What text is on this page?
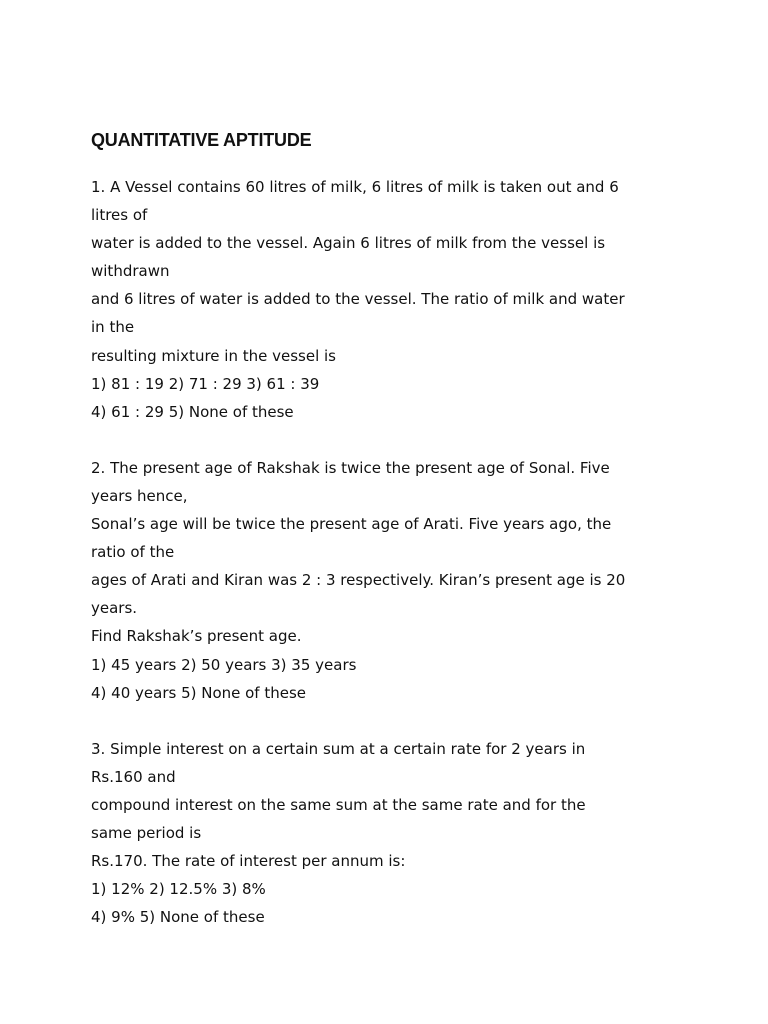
QUANTITATIVE APTITUDE
1. A Vessel contains 60 litres of milk, 6 litres of milk is taken out and 6
litres of
water is added to the vessel. Again 6 litres of milk from the vessel is
withdrawn
and 6 litres of water is added to the vessel. The ratio of milk and water
in the
resulting mixture in the vessel is
1) 81 : 19 2) 71 : 29 3) 61 : 39
4) 61 : 29 5) None of these
2. The present age of Rakshak is twice the present age of Sonal. Five
years hence,
Sonal’s age will be twice the present age of Arati. Five years ago, the
ratio of the
ages of Arati and Kiran was 2 : 3 respectively. Kiran’s present age is 20
years.
Find Rakshak’s present age.
1) 45 years 2) 50 years 3) 35 years
4) 40 years 5) None of these
3. Simple interest on a certain sum at a certain rate for 2 years in
Rs.160 and
compound interest on the same sum at the same rate and for the
same period is
Rs.170. The rate of interest per annum is:
1) 12% 2) 12.5% 3) 8%
4) 9% 5) None of these
